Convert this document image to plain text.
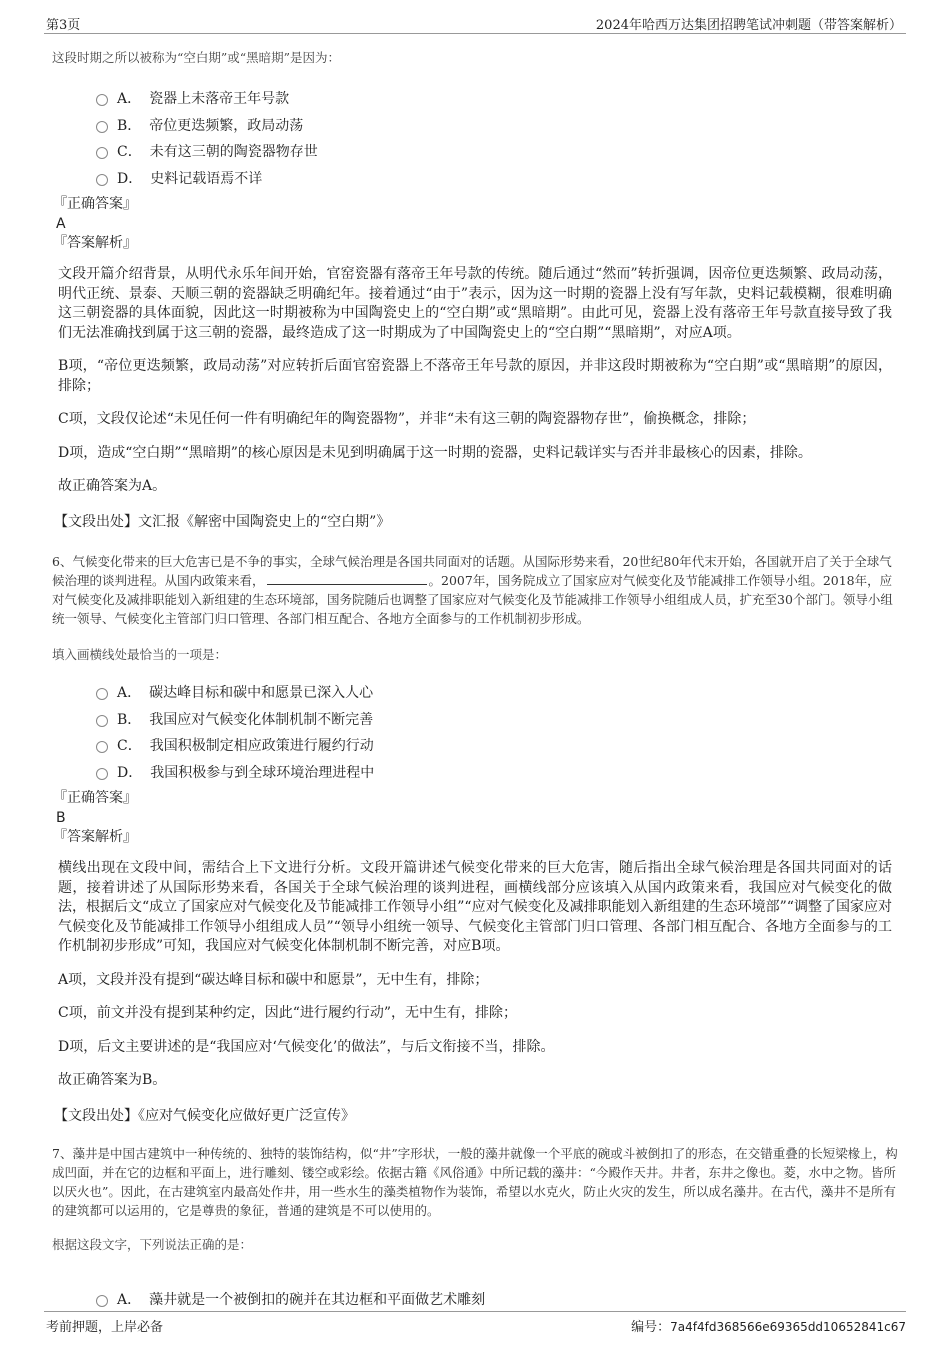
第3页	2024年哈西万达集团招聘笔试冲刺题（带答案解析）
这段时期之所以被称为“空白期”或“黑暗期”是因为：
A． 瓷器上未落帝王年号款
B． 帝位更迭频繁，政局动荡
C． 未有这三朝的陶瓷器物存世
D． 史料记载语焉不详
『正确答案』
A
『答案解析』

文段开篇介绍背景，从明代永乐年间开始，官窑瓷器有落帝王年号款的传统。随后通过“然而”转折强调，因帝位更迭频繁、政局动荡，明代正统、景泰、天顺三朝的瓷器缺乏明确纪年。接着通过“由于”表示，因为这一时期的瓷器上没有写年款，史料记载模糊，很难明确这三朝瓷器的具体面貌，因此这一时期被称为中国陶瓷史上的“空白期”或“黑暗期”。由此可见，瓷器上没有落帝王年号款直接导致了我们无法准确找到属于这三朝的瓷器，最终造成了这一时期成为了中国陶瓷史上的“空白期”“黑暗期”，对应A项。

B项，“帝位更迭频繁，政局动荡”对应转折后面官窑瓷器上不落帝王年号款的原因，并非这段时期被称为“空白期”或“黑暗期”的原因，排除；

C项，文段仅论述“未见任何一件有明确纪年的陶瓷器物”，并非“未有这三朝的陶瓷器物存世”，偷换概念，排除；

D项，造成“空白期”“黑暗期”的核心原因是未见到明确属于这一时期的瓷器，史料记载详实与否并非最核心的因素，排除。

故正确答案为A。

【文段出处】文汇报《解密中国陶瓷史上的“空白期”》

6、气候变化带来的巨大危害已是不争的事实，全球气候治理是各国共同面对的话题。从国际形势来看，20世纪80年代末开始，各国就开启了关于全球气候治理的谈判进程。从国内政策来看，	。2007年，国务院成立了国家应对气候变化及节能减排工作领导小组。2018年，应对气候变化及减排职能划入新组建的生态环境部，国务院随后也调整了国家应对气候变化及节能减排工作领导小组组成人员，扩充至30个部门。领导小组统一领导、气候变化主管部门归口管理、各部门相互配合、各地方全面参与的工作机制初步形成。
填入画横线处最恰当的一项是：
A． 碳达峰目标和碳中和愿景已深入人心
B． 我国应对气候变化体制机制不断完善
C． 我国积极制定相应政策进行履约行动
D． 我国积极参与到全球环境治理进程中
『正确答案』
B
『答案解析』

横线出现在文段中间，需结合上下文进行分析。文段开篇讲述气候变化带来的巨大危害，随后指出全球气候治理是各国共同面对的话题，接着讲述了从国际形势来看，各国关于全球气候治理的谈判进程，画横线部分应该填入从国内政策来看，我国应对气候变化的做法，根据后文“成立了国家应对气候变化及节能减排工作领导小组”“应对气候变化及减排职能划入新组建的生态环境部”“调整了国家应对气候变化及节能减排工作领导小组组成人员”“领导小组统一领导、气候变化主管部门归口管理、各部门相互配合、各地方全面参与的工作机制初步形成”可知，我国应对气候变化体制机制不断完善，对应B项。

A项，文段并没有提到“碳达峰目标和碳中和愿景”，无中生有，排除；

C项，前文并没有提到某种约定，因此“进行履约行动”，无中生有，排除；

D项，后文主要讲述的是“我国应对‘气候变化’的做法”，与后文衔接不当，排除。

故正确答案为B。

【文段出处】《应对气候变化应做好更广泛宣传》

7、藻井是中国古建筑中一种传统的、独特的装饰结构，似“井”字形状，一般的藻井就像一个平底的碗或斗被倒扣了的形态，在交错重叠的长短梁椽上，构成凹面，并在它的边框和平面上，进行雕刻、镂空或彩绘。依据古籍《风俗通》中所记载的藻井：“今殿作天井。井者，东井之像也。菱，水中之物。皆所以厌火也”。因此，在古建筑室内最高处作井，用一些水生的藻类植物作为装饰，希望以水克火，防止火灾的发生，所以成名藻井。在古代，藻井不是所有的建筑都可以运用的，它是尊贵的象征，普通的建筑是不可以使用的。
根据这段文字，下列说法正确的是：
A． 藻井就是一个被倒扣的碗并在其边框和平面做艺术雕刻
考前押题，上岸必备	编号：7a4f4fd368566e69365dd10652841c67
